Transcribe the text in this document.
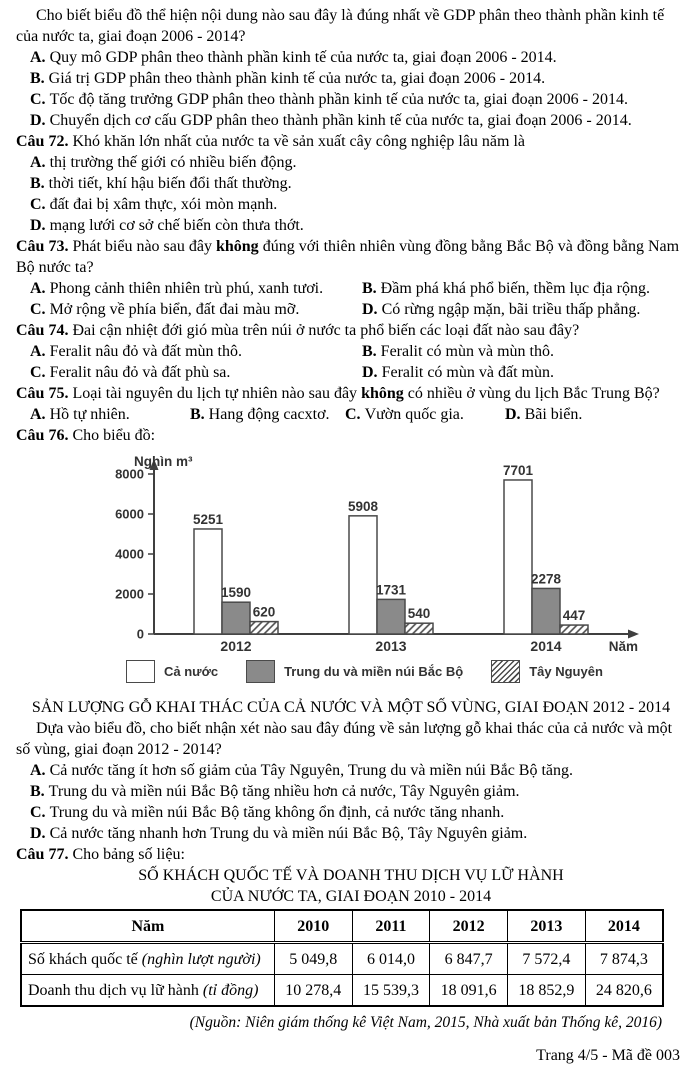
Cho biết biểu đồ thể hiện nội dung nào sau đây là đúng nhất về GDP phân theo thành phần kinh tế của nước ta, giai đoạn 2006 - 2014?

A. Quy mô GDP phân theo thành phần kinh tế của nước ta, giai đoạn 2006 - 2014.
B. Giá trị GDP phân theo thành phần kinh tế của nước ta, giai đoạn 2006 - 2014.
C. Tốc độ tăng trưởng GDP phân theo thành phần kinh tế của nước ta, giai đoạn 2006 - 2014.
D. Chuyển dịch cơ cấu GDP phân theo thành phần kinh tế của nước ta, giai đoạn 2006 - 2014.

Câu 72. Khó khăn lớn nhất của nước ta về sản xuất cây công nghiệp lâu năm là

A. thị trường thế giới có nhiều biến động.
B. thời tiết, khí hậu biến đổi thất thường.
C. đất đai bị xâm thực, xói mòn mạnh.
D. mạng lưới cơ sở chế biến còn thưa thớt.

Câu 73. Phát biểu nào sau đây không đúng với thiên nhiên vùng đồng bằng Bắc Bộ và đồng bằng Nam Bộ nước ta?

A. Phong cảnh thiên nhiên trù phú, xanh tươi.	B. Đầm phá khá phổ biến, thềm lục địa rộng.
C. Mở rộng về phía biển, đất đai màu mỡ.	D. Có rừng ngập mặn, bãi triều thấp phẳng.

Câu 74. Đai cận nhiệt đới gió mùa trên núi ở nước ta phổ biến các loại đất nào sau đây?

A. Feralit nâu đỏ và đất mùn thô.	B. Feralit có mùn và mùn thô.
C. Feralit nâu đỏ và đất phù sa.	D. Feralit có mùn và đất mùn.

Câu 75. Loại tài nguyên du lịch tự nhiên nào sau đây không có nhiều ở vùng du lịch Bắc Trung Bộ?

A. Hồ tự nhiên.	B. Hang động cacxtơ. C. Vườn quốc gia.	D. Bãi biển.

Câu 76. Cho biểu đồ:

0
2000
4000
6000
8000
Nghìn m³
Năm
5251
1590
620
2012
5908
1731
540
2013
7701
2278
447
2014
Cả nước	Trung du và miền núi Bắc Bộ	Tây Nguyên

SẢN LƯỢNG GỖ KHAI THÁC CỦA CẢ NƯỚC VÀ MỘT SỐ VÙNG, GIAI ĐOẠN 2012 - 2014

Dựa vào biểu đồ, cho biết nhận xét nào sau đây đúng về sản lượng gỗ khai thác của cả nước và một số vùng, giai đoạn 2012 - 2014?

A. Cả nước tăng ít hơn số giảm của Tây Nguyên, Trung du và miền núi Bắc Bộ tăng.
B. Trung du và miền núi Bắc Bộ tăng nhiều hơn cả nước, Tây Nguyên giảm.
C. Trung du và miền núi Bắc Bộ tăng không ổn định, cả nước tăng nhanh.
D. Cả nước tăng nhanh hơn Trung du và miền núi Bắc Bộ, Tây Nguyên giảm.

Câu 77. Cho bảng số liệu:

SỐ KHÁCH QUỐC TẾ VÀ DOANH THU DỊCH VỤ LỮ HÀNH

CỦA NƯỚC TA, GIAI ĐOẠN 2010 - 2014

Năm	2010	2011	2012	2013	2014
Số khách quốc tế (nghìn lượt người)	5 049,8	6 014,0	6 847,7	7 572,4	7 874,3
Doanh thu dịch vụ lữ hành (tỉ đồng)	10 278,4	15 539,3	18 091,6	18 852,9	24 820,6

(Nguồn: Niên giám thống kê Việt Nam, 2015, Nhà xuất bản Thống kê, 2016)

Trang 4/5 - Mã đề 003
